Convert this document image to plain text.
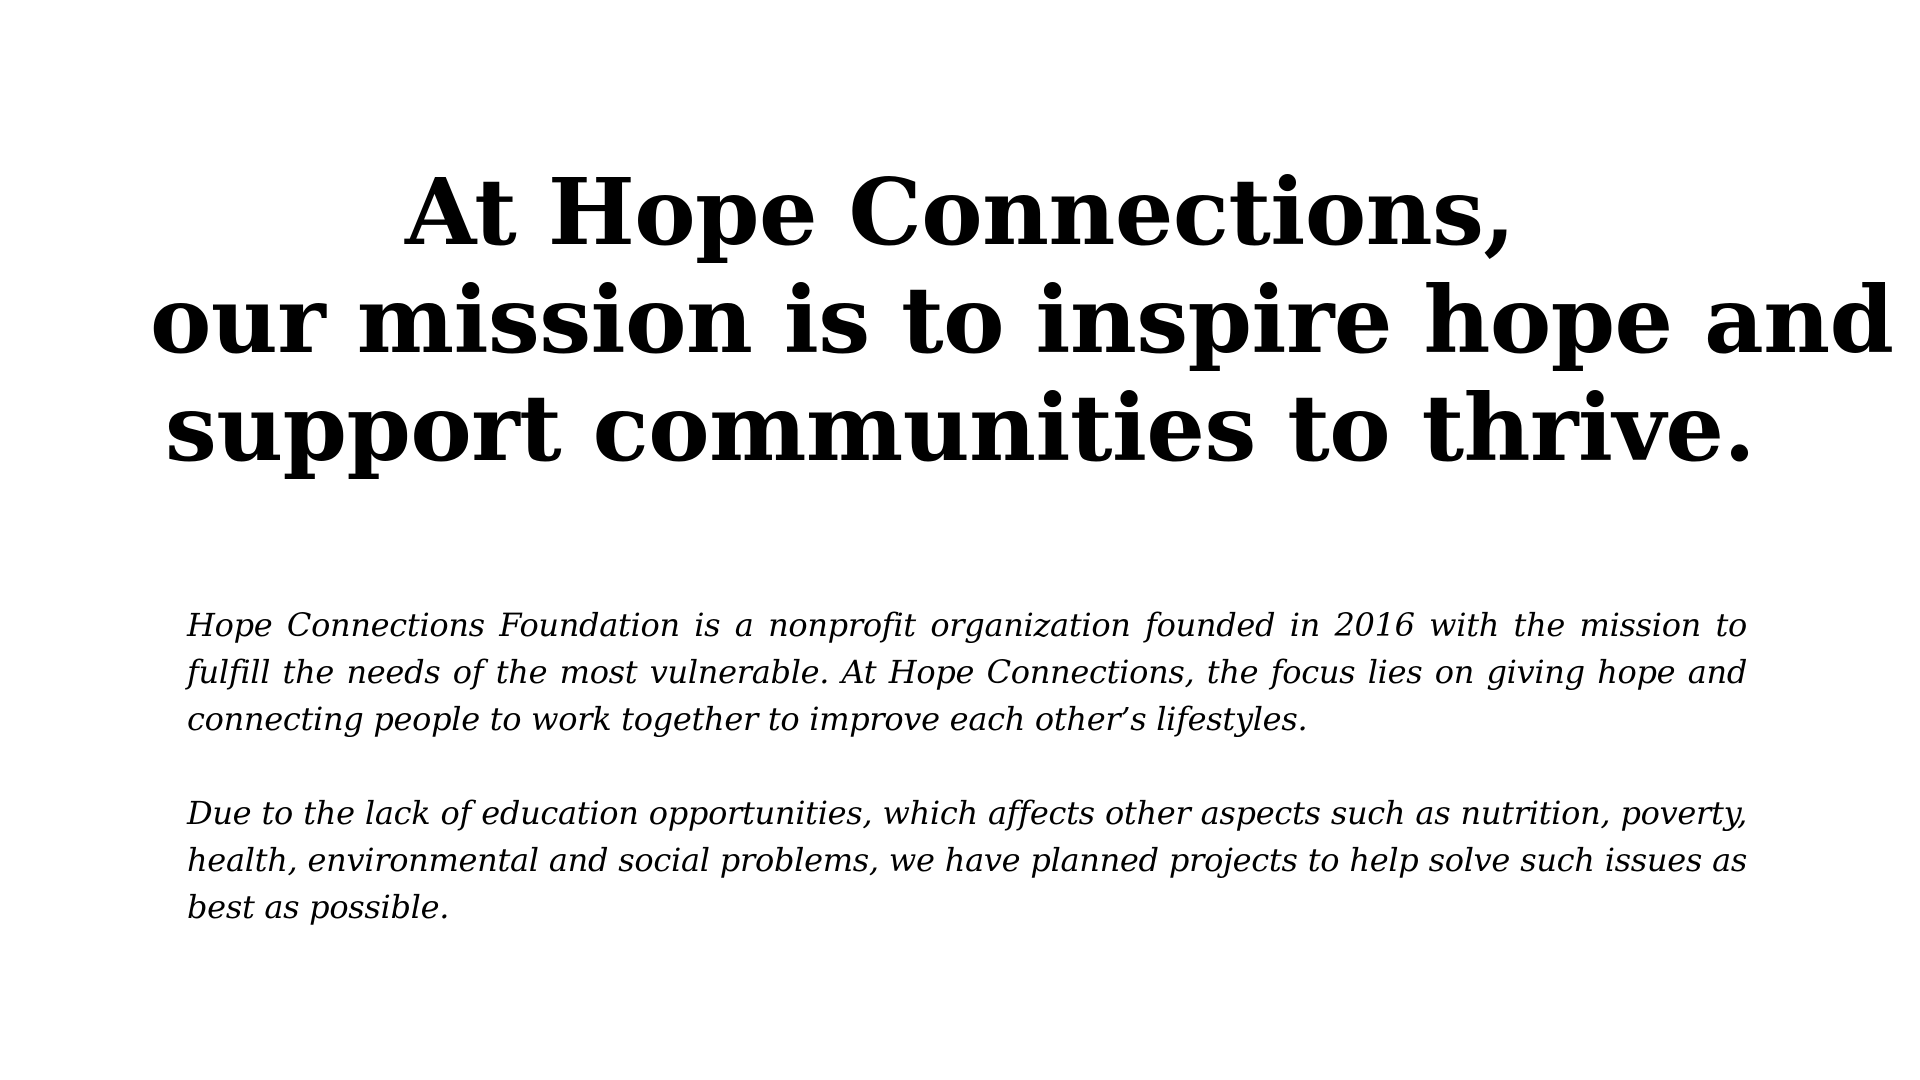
At Hope Connections,
our mission is to inspire hope and
support communities to thrive.

Hope Connections Foundation is a nonprofit organization founded in 2016 with the mission to fulfill the needs of the most vulnerable. At Hope Connections, the focus lies on giving hope and connecting people to work together to improve each other’s lifestyles.

Due to the lack of education opportunities, which affects other aspects such as nutrition, poverty, health, environmental and social problems, we have planned projects to help solve such issues as best as possible.
